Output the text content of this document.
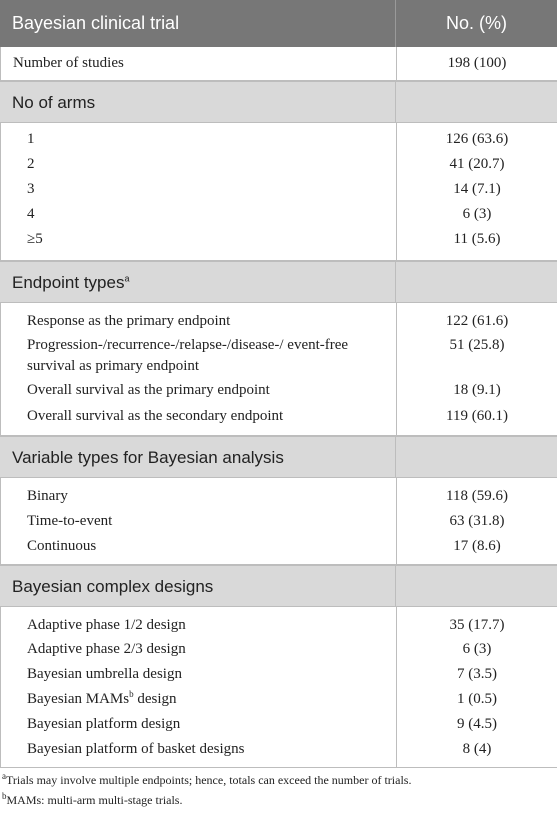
Bayesian clinical trial	No. (%)
Number of studies	198 (100)
No of arms
1
2
3
4
≥5
126 (63.6)
41 (20.7)
14 (7.1)
6 (3)
11 (5.6)
Endpoint types$^a$
Response as the primary endpoint
Progression-/recurrence-/relapse-/disease-/ event-free survival as primary endpoint
Overall survival as the primary endpoint
Overall survival as the secondary endpoint
122 (61.6)
51 (25.8)
18 (9.1)
119 (60.1)
Variable types for Bayesian analysis
Binary
Time-to-event
Continuous
118 (59.6)
63 (31.8)
17 (8.6)
Bayesian complex designs
Adaptive phase 1/2 design
Adaptive phase 2/3 design
Bayesian umbrella design
Bayesian MAMs$^b$ design
Bayesian platform design
Bayesian platform of basket designs
35 (17.7)
6 (3)
7 (3.5)
1 (0.5)
9 (4.5)
8 (4)
$^a$Trials may involve multiple endpoints; hence, totals can exceed the number of trials.
$^b$MAMs: multi-arm multi-stage trials.
